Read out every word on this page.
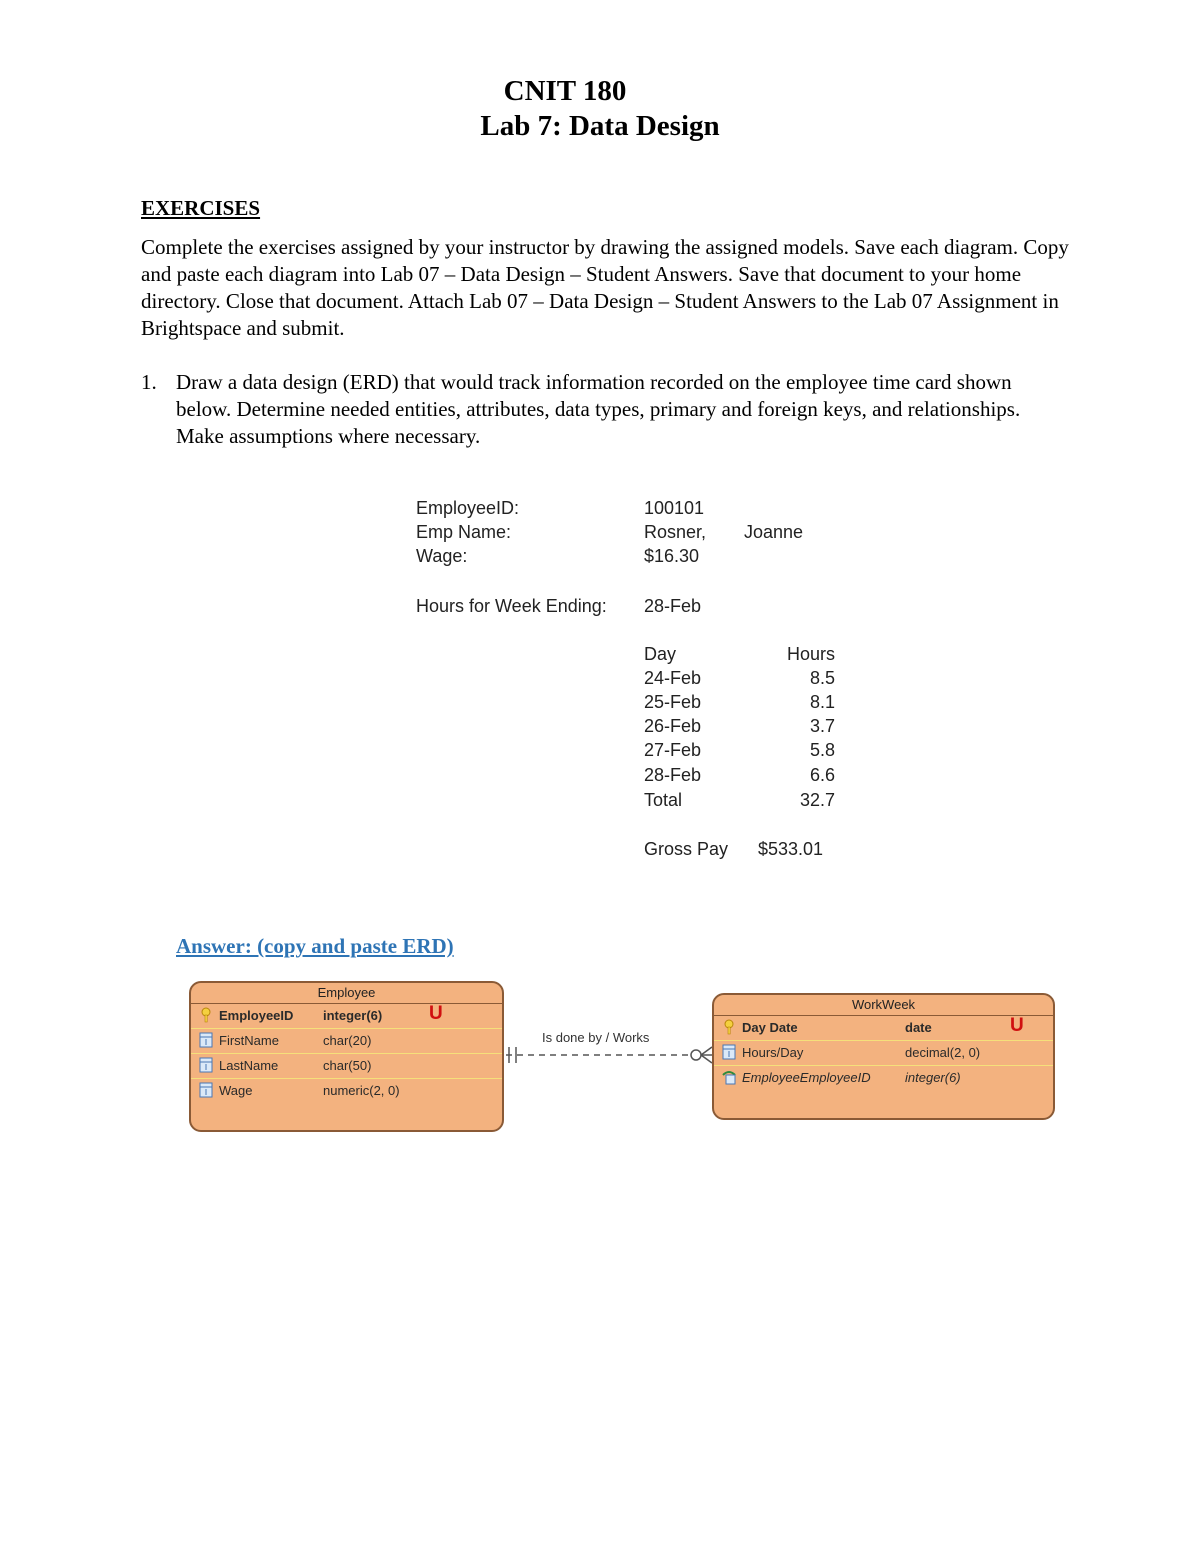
CNIT 180
Lab 7: Data Design
EXERCISES
Complete the exercises assigned by your instructor by drawing the assigned models. Save each diagram. Copy and paste each diagram into Lab 07 – Data Design – Student Answers. Save that document to your home directory. Close that document. Attach Lab 07 – Data Design – Student Answers to the Lab 07 Assignment in Brightspace and submit.
1. Draw a data design (ERD) that would track information recorded on the employee time card shown below. Determine needed entities, attributes, data types, primary and foreign keys, and relationships. Make assumptions where necessary.
EmployeeID:	100101
Emp Name:	Rosner, Joanne
Wage:	$16.30
Hours for Week Ending: 28-Feb
Day	Hours
24-Feb	8.5
25-Feb	8.1
26-Feb	3.7
27-Feb	5.8
28-Feb	6.6
Total	32.7
Gross Pay $533.01
Answer: (copy and paste ERD)
Is done by / Works
Employee
EmployeeID integer(6) U
FirstName	char(20)
LastName	char(50)
Wage	numeric(2, 0)
WorkWeek
Day Date	date	U
Hours/Day	decimal(2, 0)
EmployeeEmployeeID	integer(6)
